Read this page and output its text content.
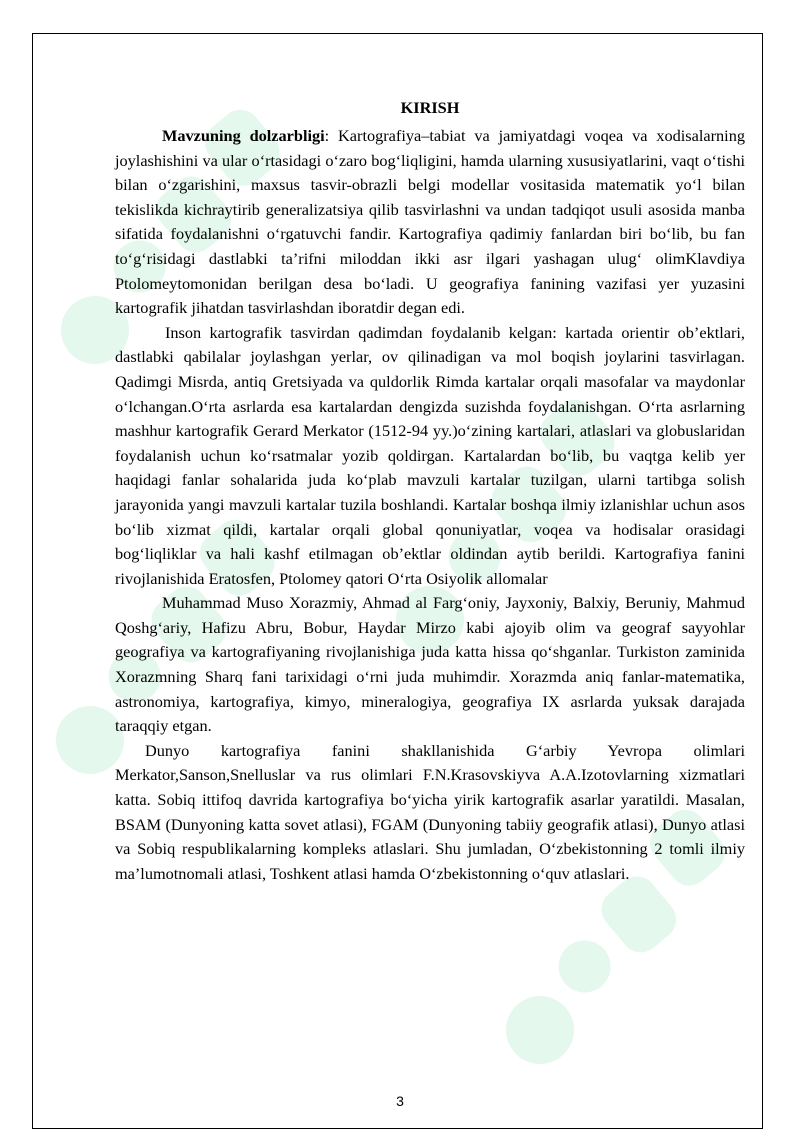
KIRISH

Mavzuning dolzarbligi: Kartografiya–tabiat va jamiyatdagi voqea va xodisalarning joylashishini va ular o‘rtasidagi o‘zaro bog‘liqligini, hamda ularning xususiyatlarini, vaqt o‘tishi bilan o‘zgarishini, maxsus tasvir-obrazli belgi modellar vositasida matematik yo‘l bilan tekislikda kichraytirib generalizatsiya qilib tasvirlashni va undan tadqiqot usuli asosida manba sifatida foydalanishni o‘rgatuvchi fandir. Kartografiya qadimiy fanlardan biri bo‘lib, bu fan to‘g‘risidagi dastlabki ta’rifni miloddan ikki asr ilgari yashagan ulug‘ olimKlavdiya Ptolomeytomonidan berilgan desa bo‘ladi. U geografiya fanining vazifasi yer yuzasini kartografik jihatdan tasvirlashdan iboratdir degan edi.

Inson kartografik tasvirdan qadimdan foydalanib kelgan: kartada orientir ob’ektlari, dastlabki qabilalar joylashgan yerlar, ov qilinadigan va mol boqish joylarini tasvirlagan. Qadimgi Misrda, antiq Gretsiyada va quldorlik Rimda kartalar orqali masofalar va maydonlar o‘lchangan.O‘rta asrlarda esa kartalardan dengizda suzishda foydalanishgan. O‘rta asrlarning mashhur kartografik Gerard Merkator (1512-94 yy.)o‘zining kartalari, atlaslari va globuslaridan foydalanish uchun ko‘rsatmalar yozib qoldirgan. Kartalardan bo‘lib, bu vaqtga kelib yer haqidagi fanlar sohalarida juda ko‘plab mavzuli kartalar tuzilgan, ularni tartibga solish jarayonida yangi mavzuli kartalar tuzila boshlandi. Kartalar boshqa ilmiy izlanishlar uchun asos bo‘lib xizmat qildi, kartalar orqali global qonuniyatlar, voqea va hodisalar orasidagi bog‘liqliklar va hali kashf etilmagan ob’ektlar oldindan aytib berildi. Kartografiya fanini rivojlanishida Eratosfen, Ptolomey qatori O‘rta Osiyolik allomalar

Muhammad Muso Xorazmiy, Ahmad al Farg‘oniy, Jayxoniy, Balxiy, Beruniy, Mahmud Qoshg‘ariy, Hafizu Abru, Bobur, Haydar Mirzo kabi ajoyib olim va geograf sayyohlar geografiya va kartografiyaning rivojlanishiga juda katta hissa qo‘shganlar. Turkiston zaminida Xorazmning Sharq fani tarixidagi o‘rni juda muhimdir. Xorazmda aniq fanlar-matematika, astronomiya, kartografiya, kimyo, mineralogiya, geografiya IX asrlarda yuksak darajada taraqqiy etgan.

Dunyo kartografiya fanini shakllanishida G‘arbiy Yevropa olimlari Merkator,Sanson,Snelluslar va rus olimlari F.N.Krasovskiyva A.A.Izotovlarning xizmatlari katta. Sobiq ittifoq davrida kartografiya bo‘yicha yirik kartografik asarlar yaratildi. Masalan, BSAM (Dunyoning katta sovet atlasi), FGAM (Dunyoning tabiiy geografik atlasi), Dunyo atlasi va Sobiq respublikalarning kompleks atlaslari. Shu jumladan, O‘zbekistonning 2 tomli ilmiy ma’lumotnomali atlasi, Toshkent atlasi hamda O‘zbekistonning o‘quv atlaslari.

3
